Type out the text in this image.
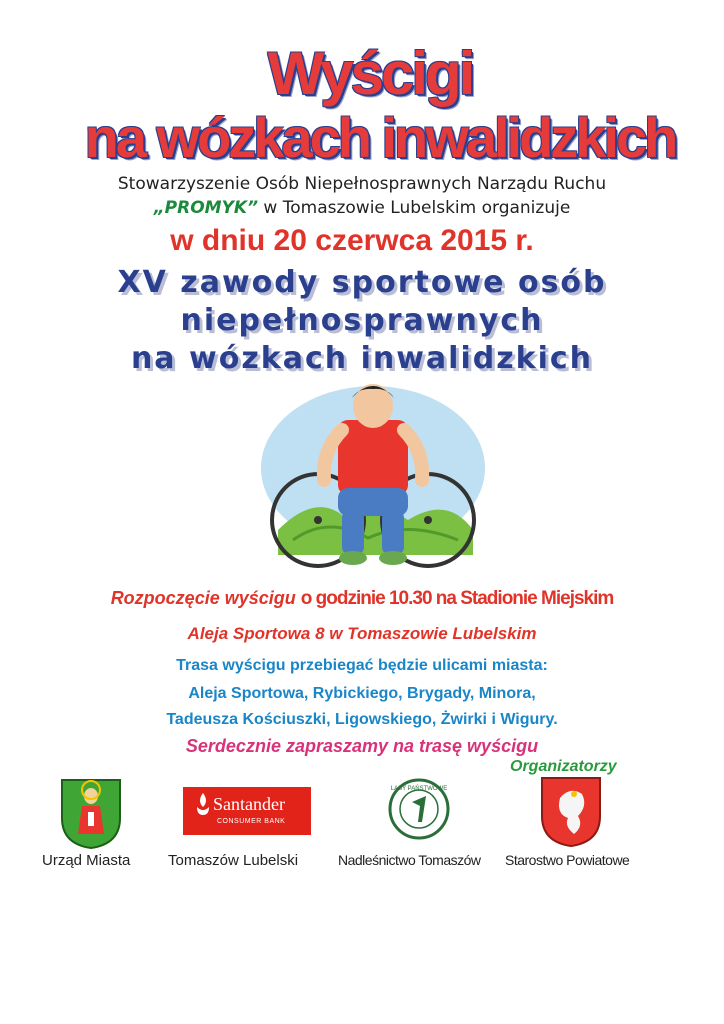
Wyścigi

na wózkach inwalidzkich

Stowarzyszenie Osób Niepełnosprawnych Narządu Ruchu

„PROMYK” w Tomaszowie Lubelskim organizuje

w dniu 20 czerwca 2015 r.

XV zawody sportowe osób

niepełnosprawnych

na wózkach inwalidzkich

Rozpoczęcie wyścigu o godzinie 10.30 na Stadionie Miejskim

Aleja Sportowa 8 w Tomaszowie Lubelskim

Trasa wyścigu przebiegać będzie ulicami miasta:

Aleja Sportowa, Rybickiego, Brygady, Minora,

Tadeusza Kościuszki, Ligowskiego, Żwirki i Wigury.

Serdecznie zapraszamy na trasę wyścigu

Organizatorzy

Santander
CONSUMER BANK
LASY PAŃSTWOWE
Urząd Miasta	Tomaszów Lubelski	Nadleśnictwo Tomaszów Starostwo Powiatowe
